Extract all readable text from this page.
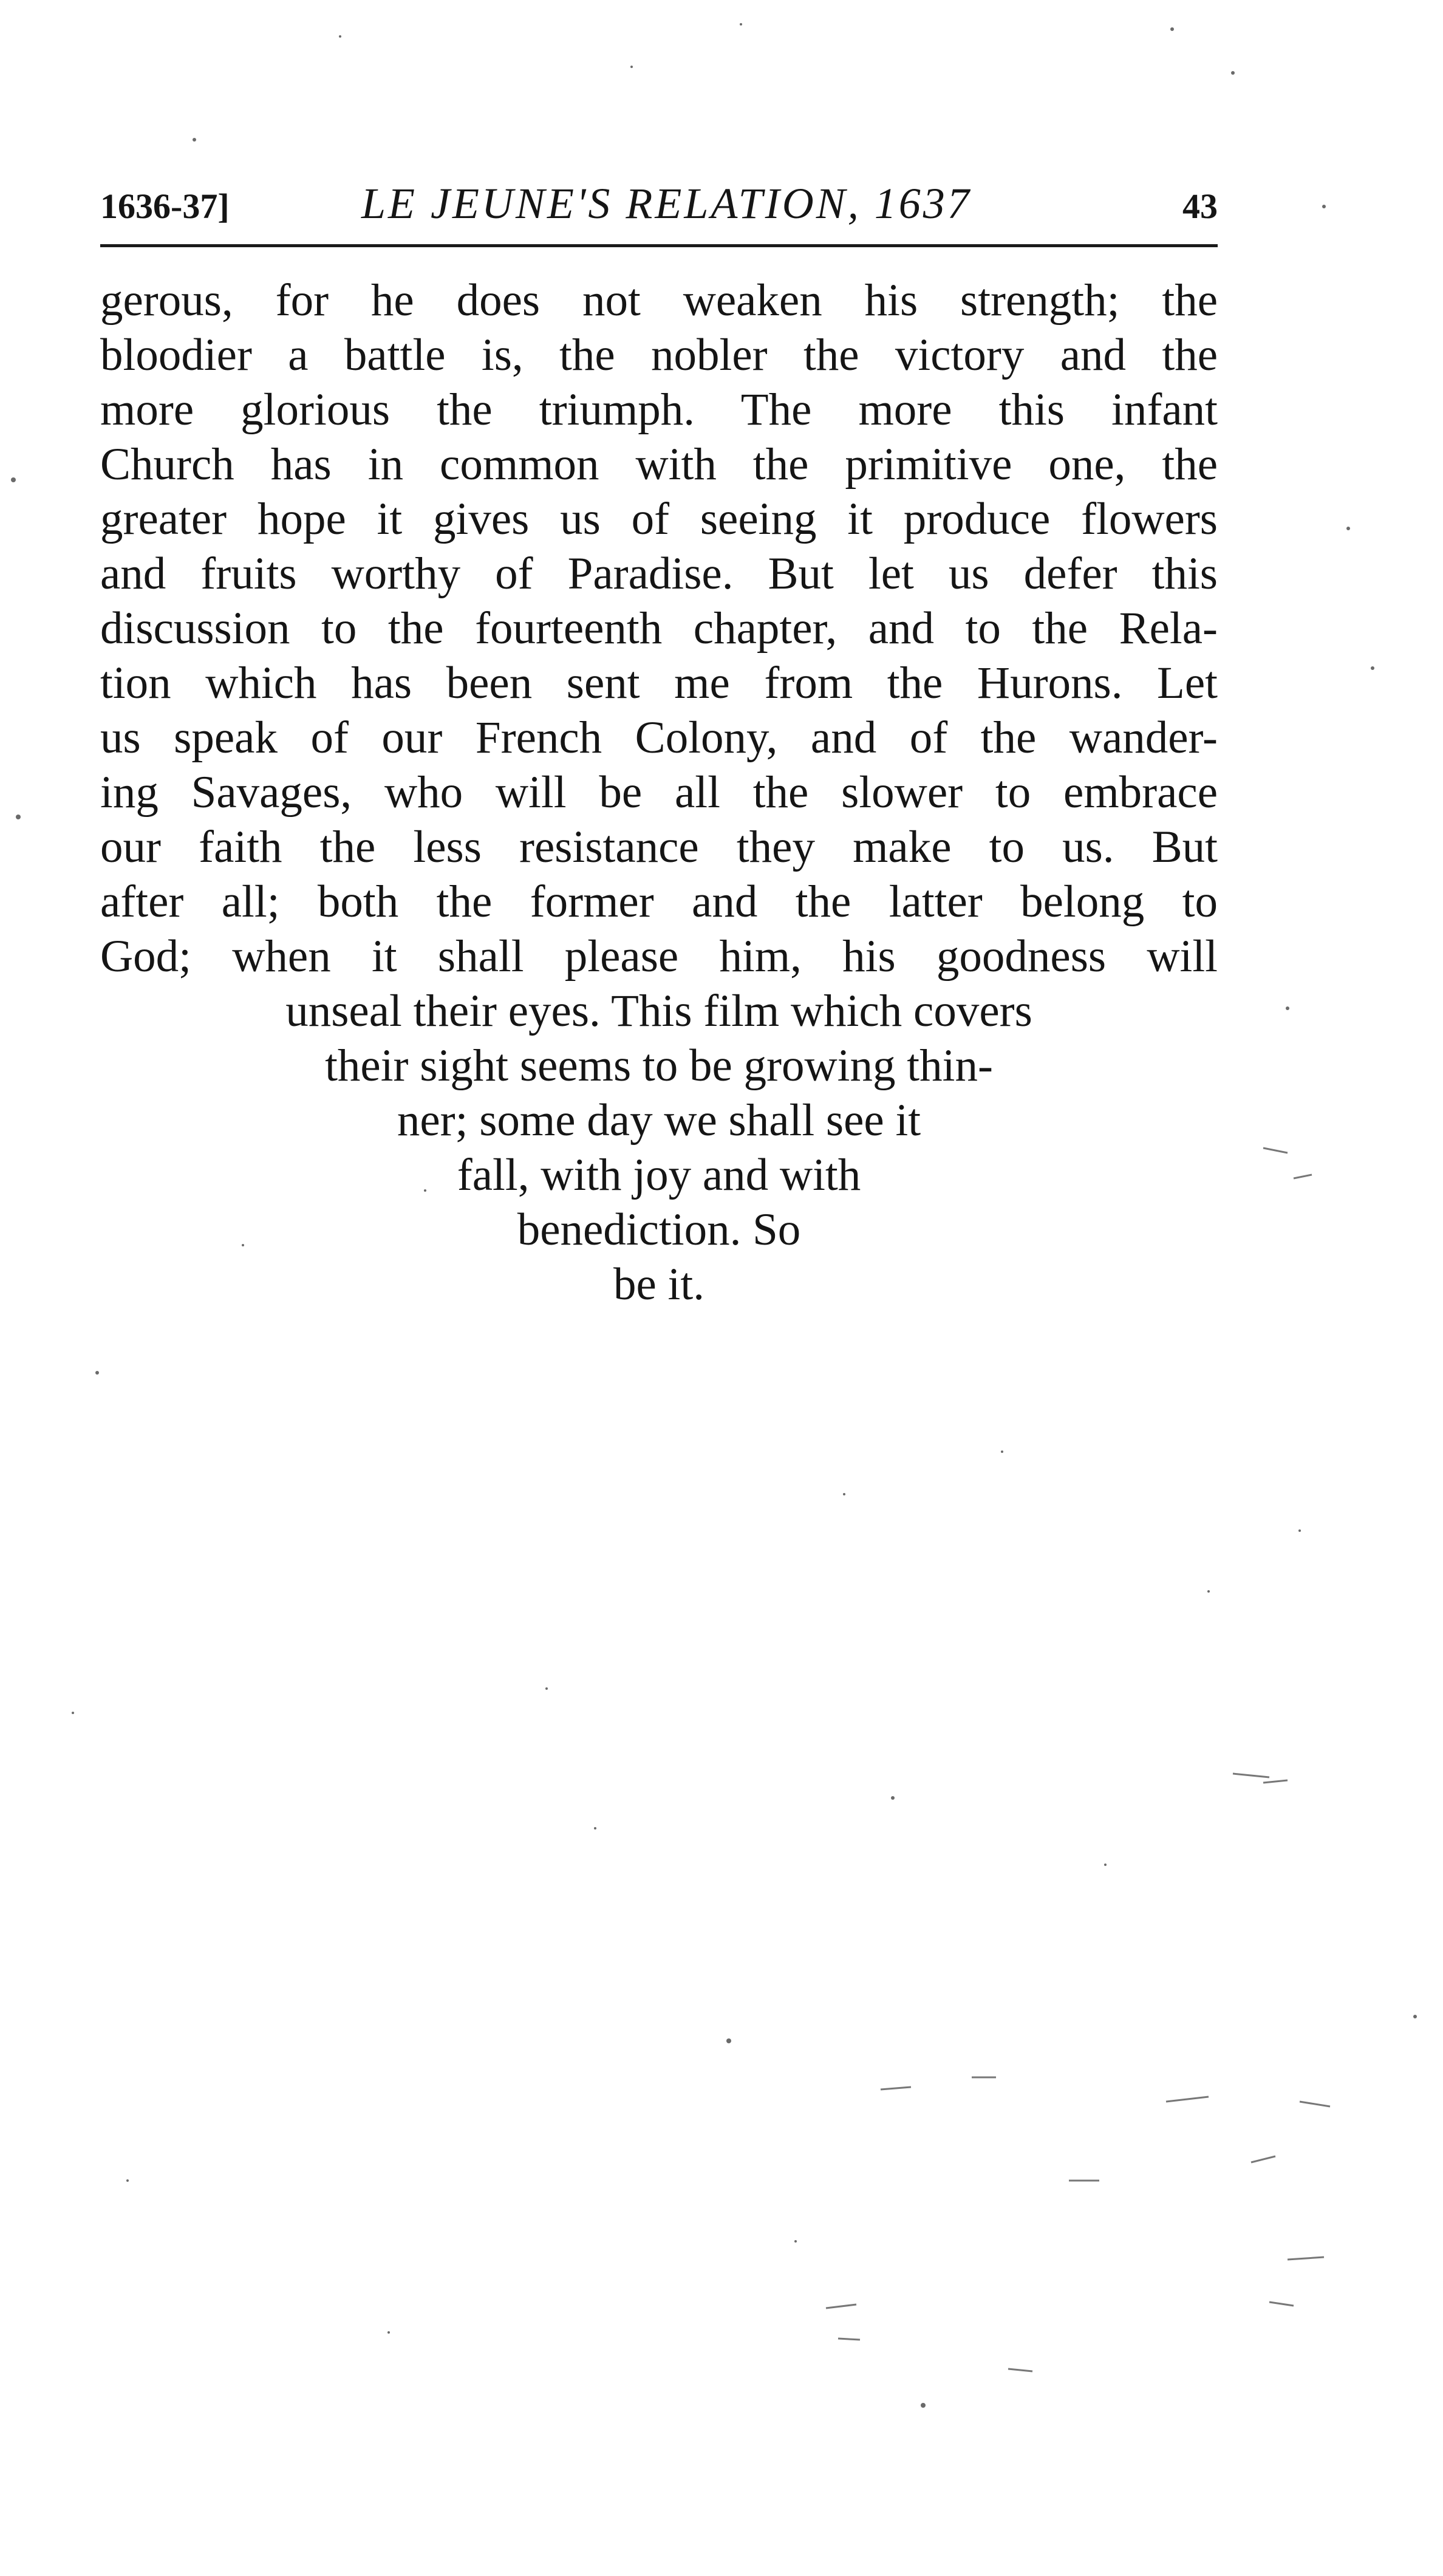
1636-37]	LE JEUNE'S RELATION, 1637	43
gerous, for he does not weaken his strength; the
bloodier a battle is, the nobler the victory and the
more glorious the triumph. The more this infant
Church has in common with the primitive one, the
greater hope it gives us of seeing it produce flowers
and fruits worthy of Paradise. But let us defer this
discussion to the fourteenth chapter, and to the Rela-
tion which has been sent me from the Hurons. Let
us speak of our French Colony, and of the wander-
ing Savages, who will be all the slower to embrace
our faith the less resistance they make to us. But
after all; both the former and the latter belong to
God; when it shall please him, his goodness will
unseal their eyes. This film which covers
their sight seems to be growing thin-
ner; some day we shall see it
fall, with joy and with
benediction. So
be it.
